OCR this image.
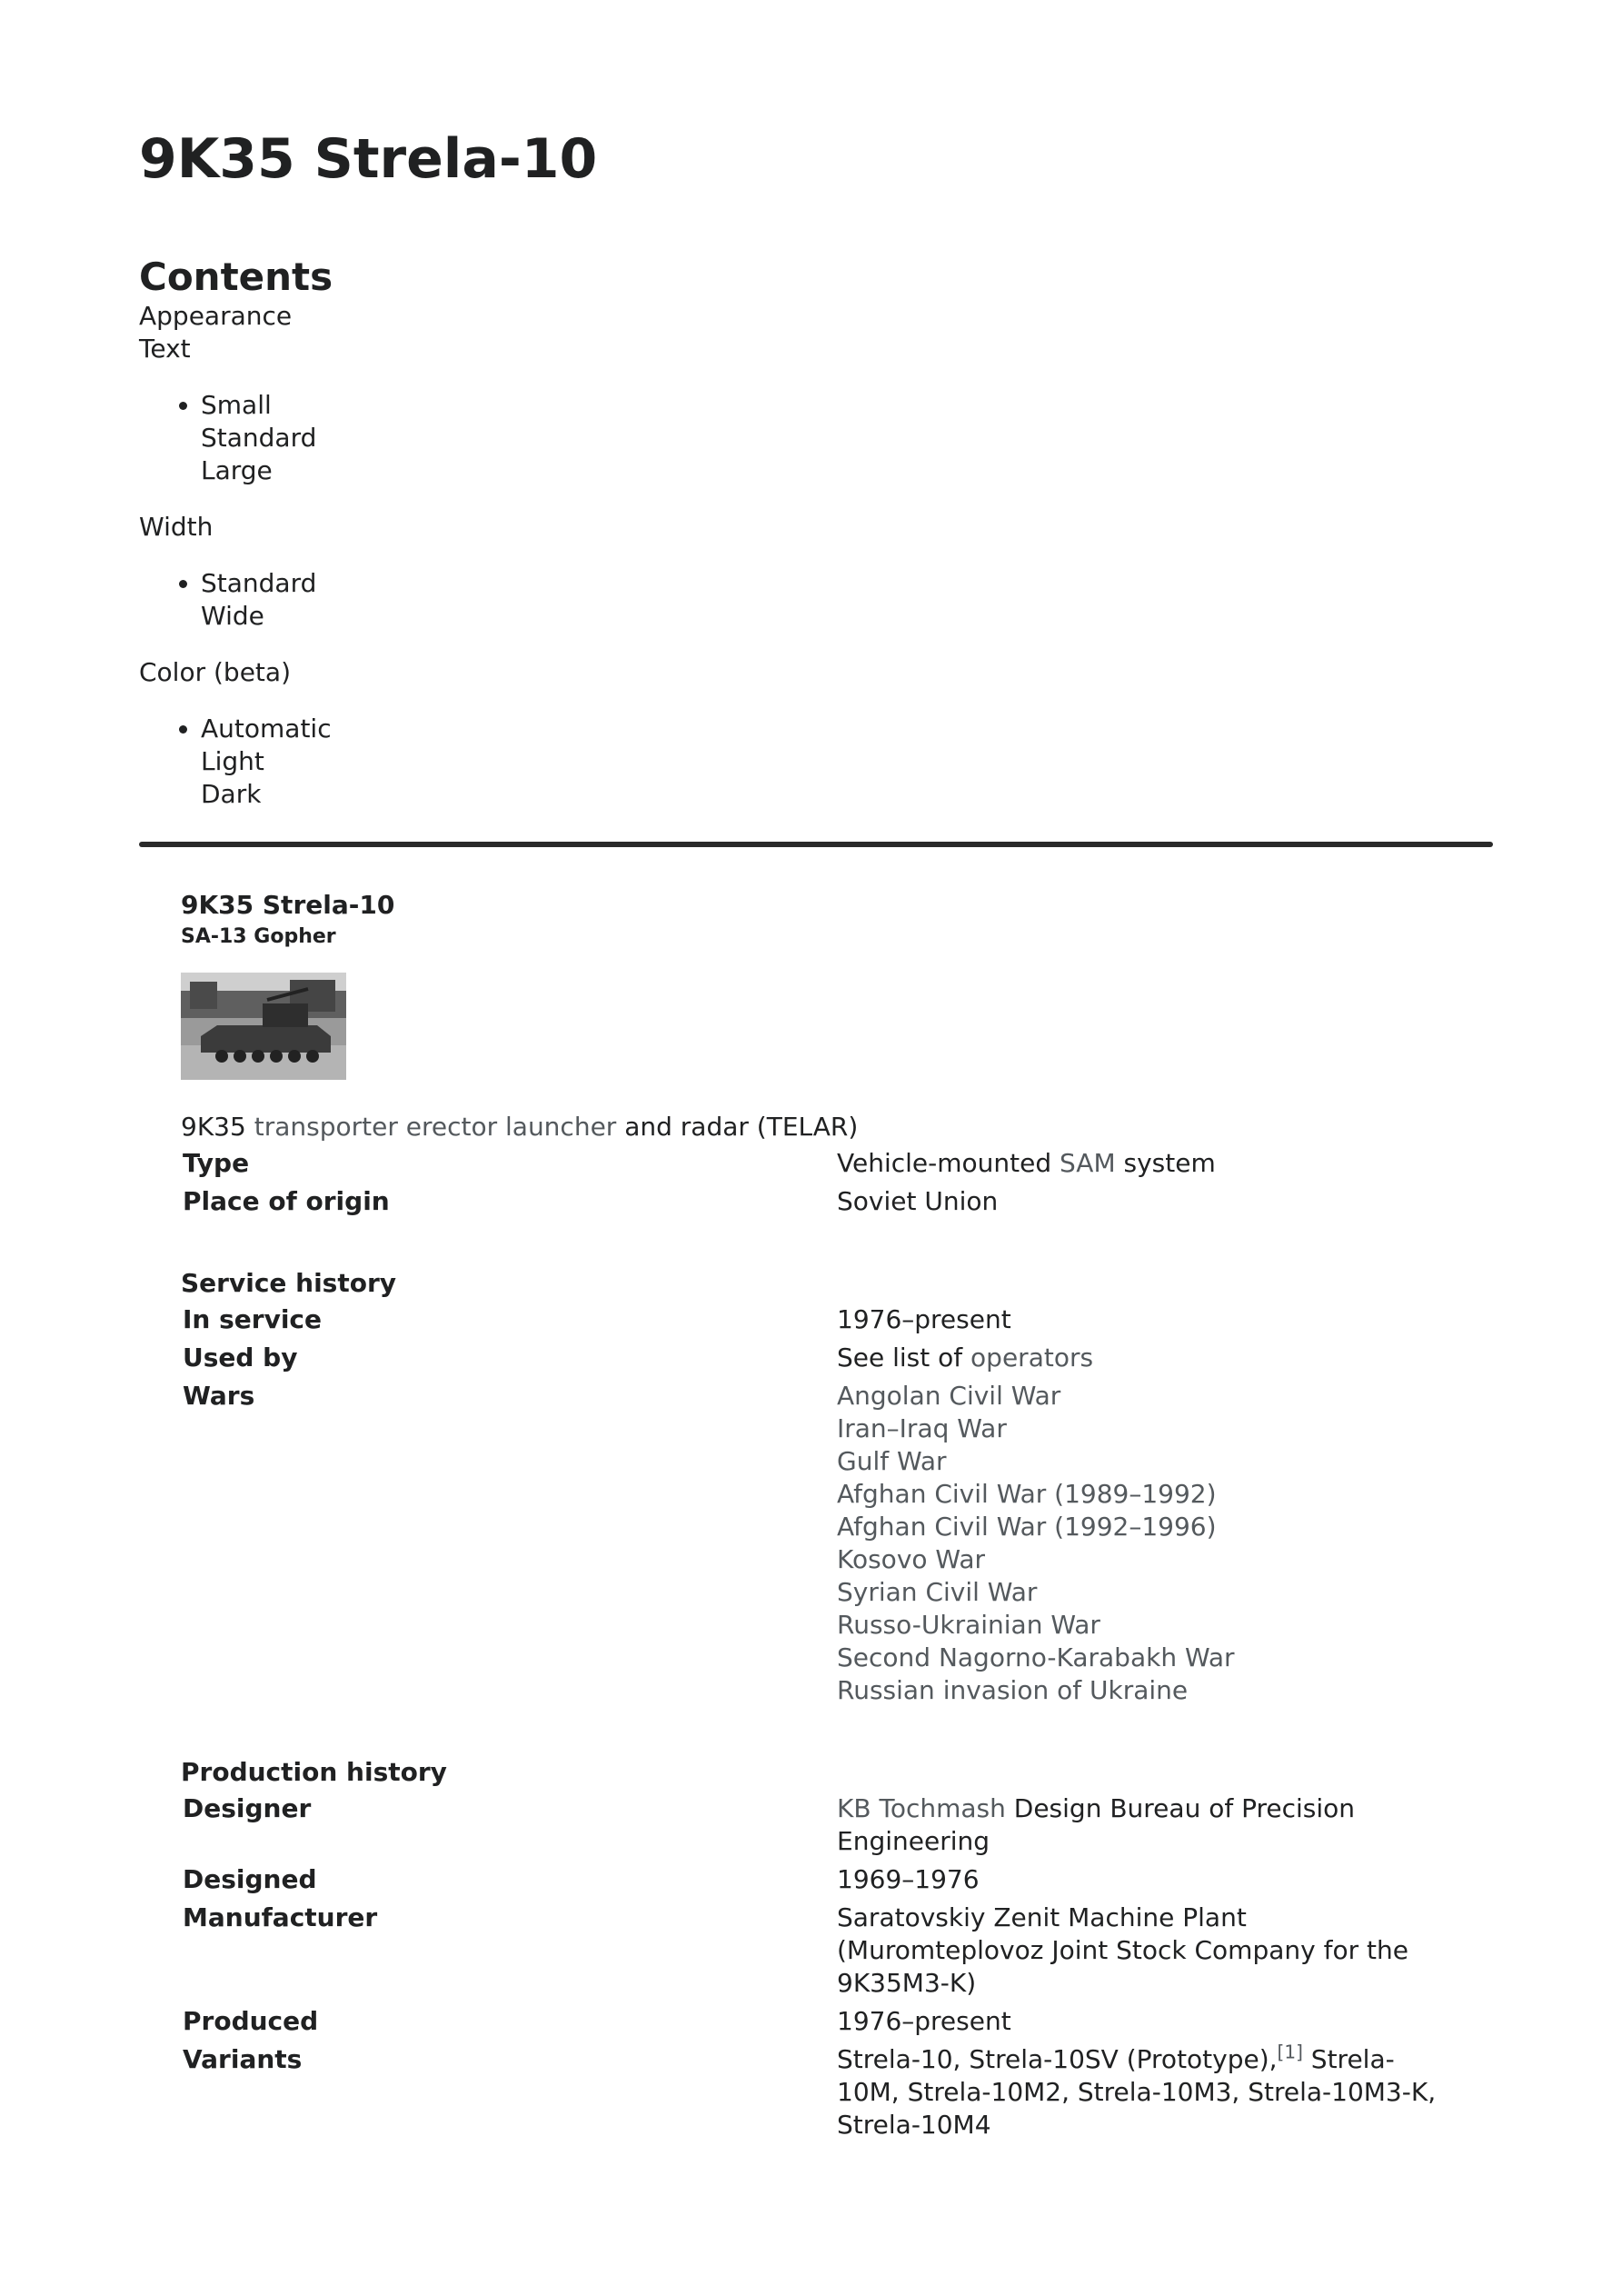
9K35 Strela-10
Contents
Appearance
Text
• Small
Standard
Large
Width
• Standard
Wide
Color (beta)
• Automatic
Light
Dark
9K35 Strela-10
SA-13 Gopher
9K35 transporter erector launcher and radar (TELAR)
Type	Vehicle-mounted SAM system
Place of origin	Soviet Union
Service history
In service	1976–present
Used by	See list of operators
Wars	Angolan Civil War
Iran–Iraq War
Gulf War
Afghan Civil War (1989–1992)
Afghan Civil War (1992–1996)
Kosovo War
Syrian Civil War
Russo-Ukrainian War
Second Nagorno-Karabakh War
Russian invasion of Ukraine
Production history
Designer	KB Tochmash Design Bureau of Precision Engineering
Designed	1969–1976
Manufacturer	Saratovskiy Zenit Machine Plant (Muromteplovoz Joint Stock Company for the 9K35M3-K)
Produced	1976–present
Variants	Strela-10, Strela-10SV (Prototype),[1] Strela-10M, Strela-10M2, Strela-10M3, Strela-10M3-K, Strela-10M4
